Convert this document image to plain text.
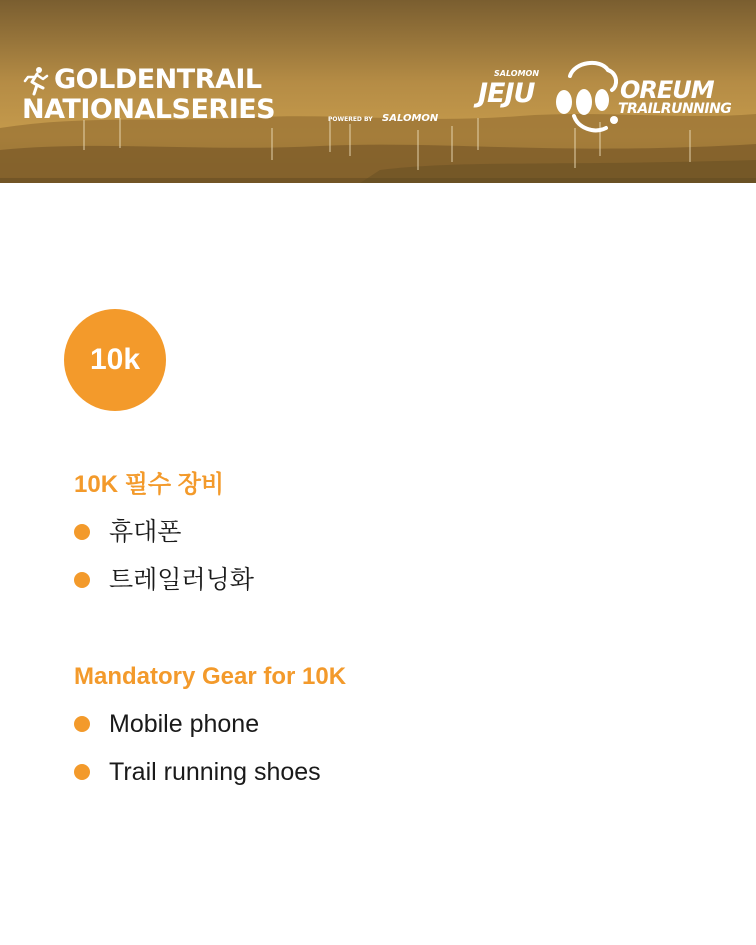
GOLDENTRAIL
NATIONALSERIES	POWERED BY SALOMON
SALOMON
JEJU	OREUM
TRAILRUNNING
10k
10K 필수 장비
휴대폰
트레일러닝화
Mandatory Gear for 10K
Mobile phone
Trail running shoes
